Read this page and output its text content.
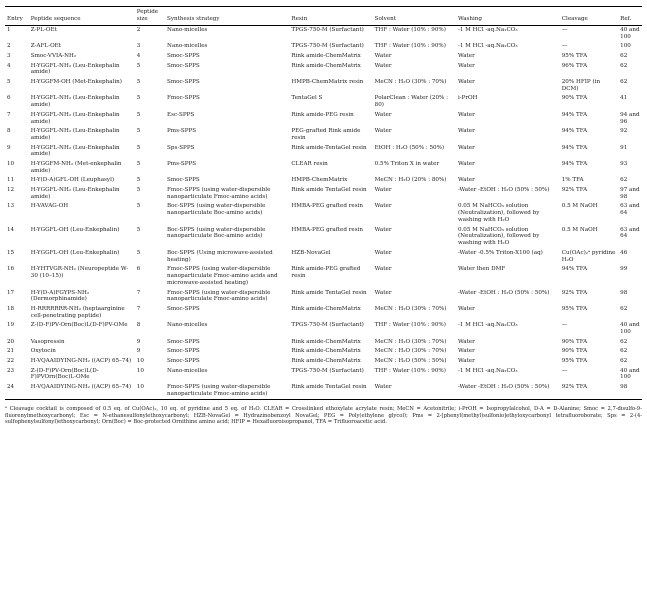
Entry	Peptide sequence	Peptide size	Synthesis strategy	Resin	Solvent	Washing	Cleavage	Ref.
1	Z-PL-OEt	2	Nano-micelles	TPGS-750-M (Surfactant)	THF : Water (10% : 90%)	-1 M HCl -aq.Na₂CO₃	—	40 and 100
2	Z-AFL-OEt	3	Nano-micelles	TPGS-750-M (Surfactant)	THF : Water (10% : 90%)	-1 M HCl -aq.Na₂CO₃	—	100
3	Smoc-VVIA-NH₂	4	Smoc-SPPS	Rink amide-ChemMatrix	Water	Water	95% TFA	62
4	H-YGGFL-NH₂ (Leu-Enkephalin amide)	5	Smoc-SPPS	Rink amide-ChemMatrix	Water	Water	96% TFA	62
5	H-YGGFM-OH (Met-Enkephalin)	5	Smoc-SPPS	HMPB-ChemMatrix resin	MeCN : H₂O (30% : 70%)	Water	20% HFIP (in DCM)	62
6	H-YGGFL-NH₂ (Leu-Enkephalin amide)	5	Fmoc-SPPS	TentaGel S	PolarClean : Water (20% : 80)	i-PrOH	90% TFA	41
7	H-YGGFL-NH₂ (Leu-Enkephalin amide)	5	Esc-SPPS	Rink amide-PEG resin	Water	Water	94% TFA	94 and 96
8	H-YGGFL-NH₂ (Leu-Enkephalin amide)	5	Pms-SPPS	PEG-grafted Rink amide resin	Water	Water	94% TFA	92
9	H-YGGFL-NH₂ (Leu-Enkephalin amide)	5	Sps-SPPS	Rink amide-TentaGel resin	EtOH : H₂O (50% : 50%)	Water	94% TFA	91
10	H-YGGFM-NH₂ (Met-enkephalin amide)	5	Pms-SPPS	CLEAR resin	0.5% Triton X in water	Water	94% TFA	93
11	H-Y(D-A)GFL-OH (Leuphasyl)	5	Smoc-SPPS	HMPB-ChemMatrix	MeCN : H₂O (20% : 80%)	Water	1% TFA	62
12	H-YGGFL-NH₂ (Leu-Enkephalin amide)	5	Fmoc-SPPS (using water-dispersible nanoparticulate Fmoc-amino acids)	Rink amide TentaGel resin	Water	-Water -EtOH : H₂O (50% : 50%)	92% TFA	97 and 98
13	H-VAVAG-OH	5	Boc-SPPS (using water-dispersible nanoparticulate Boc-amino acids)	HMBA-PEG grafted resin	Water	0.05 M NaHCO₃ solution (Neutralization), followed by washing with H₂O	0.5 M NaOH	63 and 64
14	H-YGGFL-OH (Leu-Enkephalin)	5	Boc-SPPS (using water-dispersible nanoparticulate Boc-amino acids)	HMBA-PEG grafted resin	Water	0.05 M NaHCO₃ solution (Neutralization), followed by washing with H₂O	0.5 M NaOH	63 and 64
15	H-YGGFL-OH (Leu-Enkephalin)	5	Boc-SPPS (Using microwave-assisted heating)	HZB-NovaGel	Water	-Water -0.5% Triton-X100 (aq)	Cu(OAc)₂ᵃ pyridine H₂O	46
16	H-YHTVGR-NH₂ (Neuropeptide W-30 (10–15))	6	Fmoc-SPPS (using water-dispersible nanoparticulate Fmoc-amino acids and microwave-assisted heating)	Rink amide-PEG grafted resin	Water	Water then DMF	94% TFA	99
17	H-Y(D-A)FGYPS-NH₂ (Dermorphinamide)	7	Fmoc-SPPS (using water-dispersible nanoparticulate Fmoc-amino acids)	Rink amide TentaGel resin	Water	-Water -EtOH : H₂O (50% : 50%)	92% TFA	98
18	H-RRRRRRR-NH₂ (heptaarginine cell-penetrating peptide)	7	Smoc-SPPS	Rink amide-ChemMatrix	MeCN : H₂O (30% : 70%)	Water	95% TFA	62
19	Z-(D-F)PV-Orn(Boc)L(D-F)PV-OMe	8	Nano-micelles	TPGS-750-M (Surfactant)	THF : Water (10% : 90%)	-1 M HCl -aq.Na₂CO₃	—	40 and 100
20	Vasopressin	9	Smoc-SPPS	Rink amide-ChemMatrix	MeCN : H₂O (30% : 70%)	Water	90% TFA	62
21	Oxytocin	9	Smoc-SPPS	Rink amide-ChemMatrix	MeCN : H₂O (30% : 70%)	Water	90% TFA	62
22	H-VQAAIDYING-NH₂ ((ACP) 65–74)	10	Smoc-SPPS	Rink amide-ChemMatrix	MeCN : H₂O (50% : 50%)	Water	95% TFA	62
23	Z-(D-F)PV-Orn(Boc)L(D-F)PVOrn(Boc)L-OMe	10	Nano-micelles	TPGS-750-M (Surfactant)	THF : Water (10% : 90%)	-1 M HCl -aq.Na₂CO₃	—	40 and 100
24	H-VQAAIDYING-NH₂ ((ACP) 65–74)	10	Fmoc-SPPS (using water-dispersible nanoparticulate Fmoc-amino acids)	Rink amide TentaGel resin	Water	-Water -EtOH : H₂O (50% : 50%)	92% TFA	98
ᵃ Cleavage cocktail is composed of 0.5 eq. of Cu(OAc)₂, 10 eq. of pyridine and 5 eq. of H₂O. CLEAR = Crosslinked ethoxylate acrylate resin; MeCN = Acetonitrile; i-PrOH = Isopropylalcohol, D-A = D-Alanine; Smoc = 2,7-disulfo-9-fluorenylmethoxycarbonyl; Esc = N-ethanesulfonylethoxycarbonyl; HZB-NovaGel = Hydrazinobenzoyl NovaGel; PEG = Poly(ethylene glycol); Pms = 2-[phenyl(methyl)sulfonio]ethyloxycarbonyl tetrafluoroborate; Sps = 2-(4-sulfophenylsulfonyl)ethoxycarbonyl; Orn(Boc) = Boc-protected Ornithine amino acid; HFIP = Hexafluoroisopropanol, TFA = Trifluoroacetic acid.
